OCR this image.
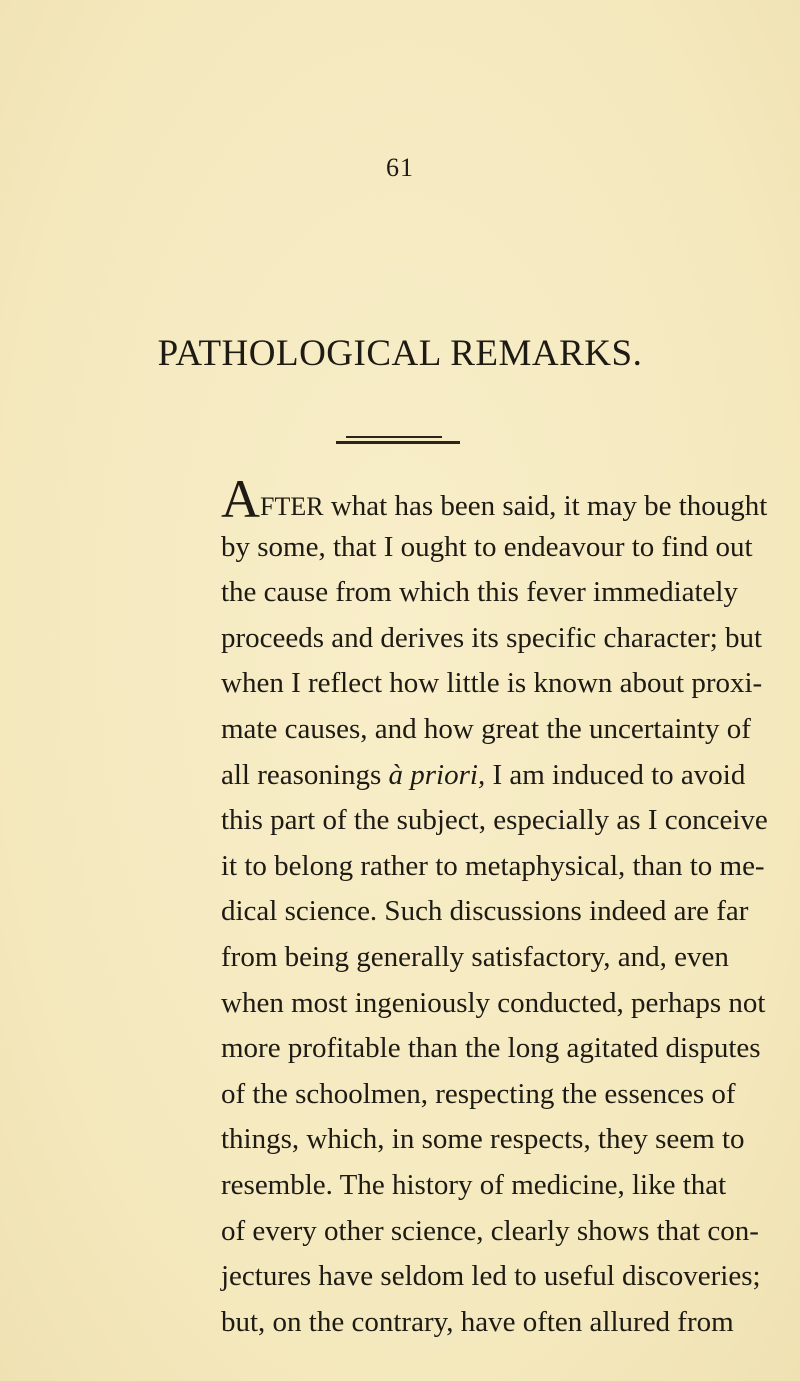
61
PATHOLOGICAL REMARKS.
AFTER what has been said, it may be thought
by some, that I ought to endeavour to find out
the cause from which this fever immediately
proceeds and derives its specific character; but
when I reflect how little is known about proxi-
mate causes, and how great the uncertainty of
all reasonings à priori, I am induced to avoid
this part of the subject, especially as I conceive
it to belong rather to metaphysical, than to me-
dical science. Such discussions indeed are far
from being generally satisfactory, and, even
when most ingeniously conducted, perhaps not
more profitable than the long agitated disputes
of the schoolmen, respecting the essences of
things, which, in some respects, they seem to
resemble. The history of medicine, like that
of every other science, clearly shows that con-
jectures have seldom led to useful discoveries;
but, on the contrary, have often allured from
